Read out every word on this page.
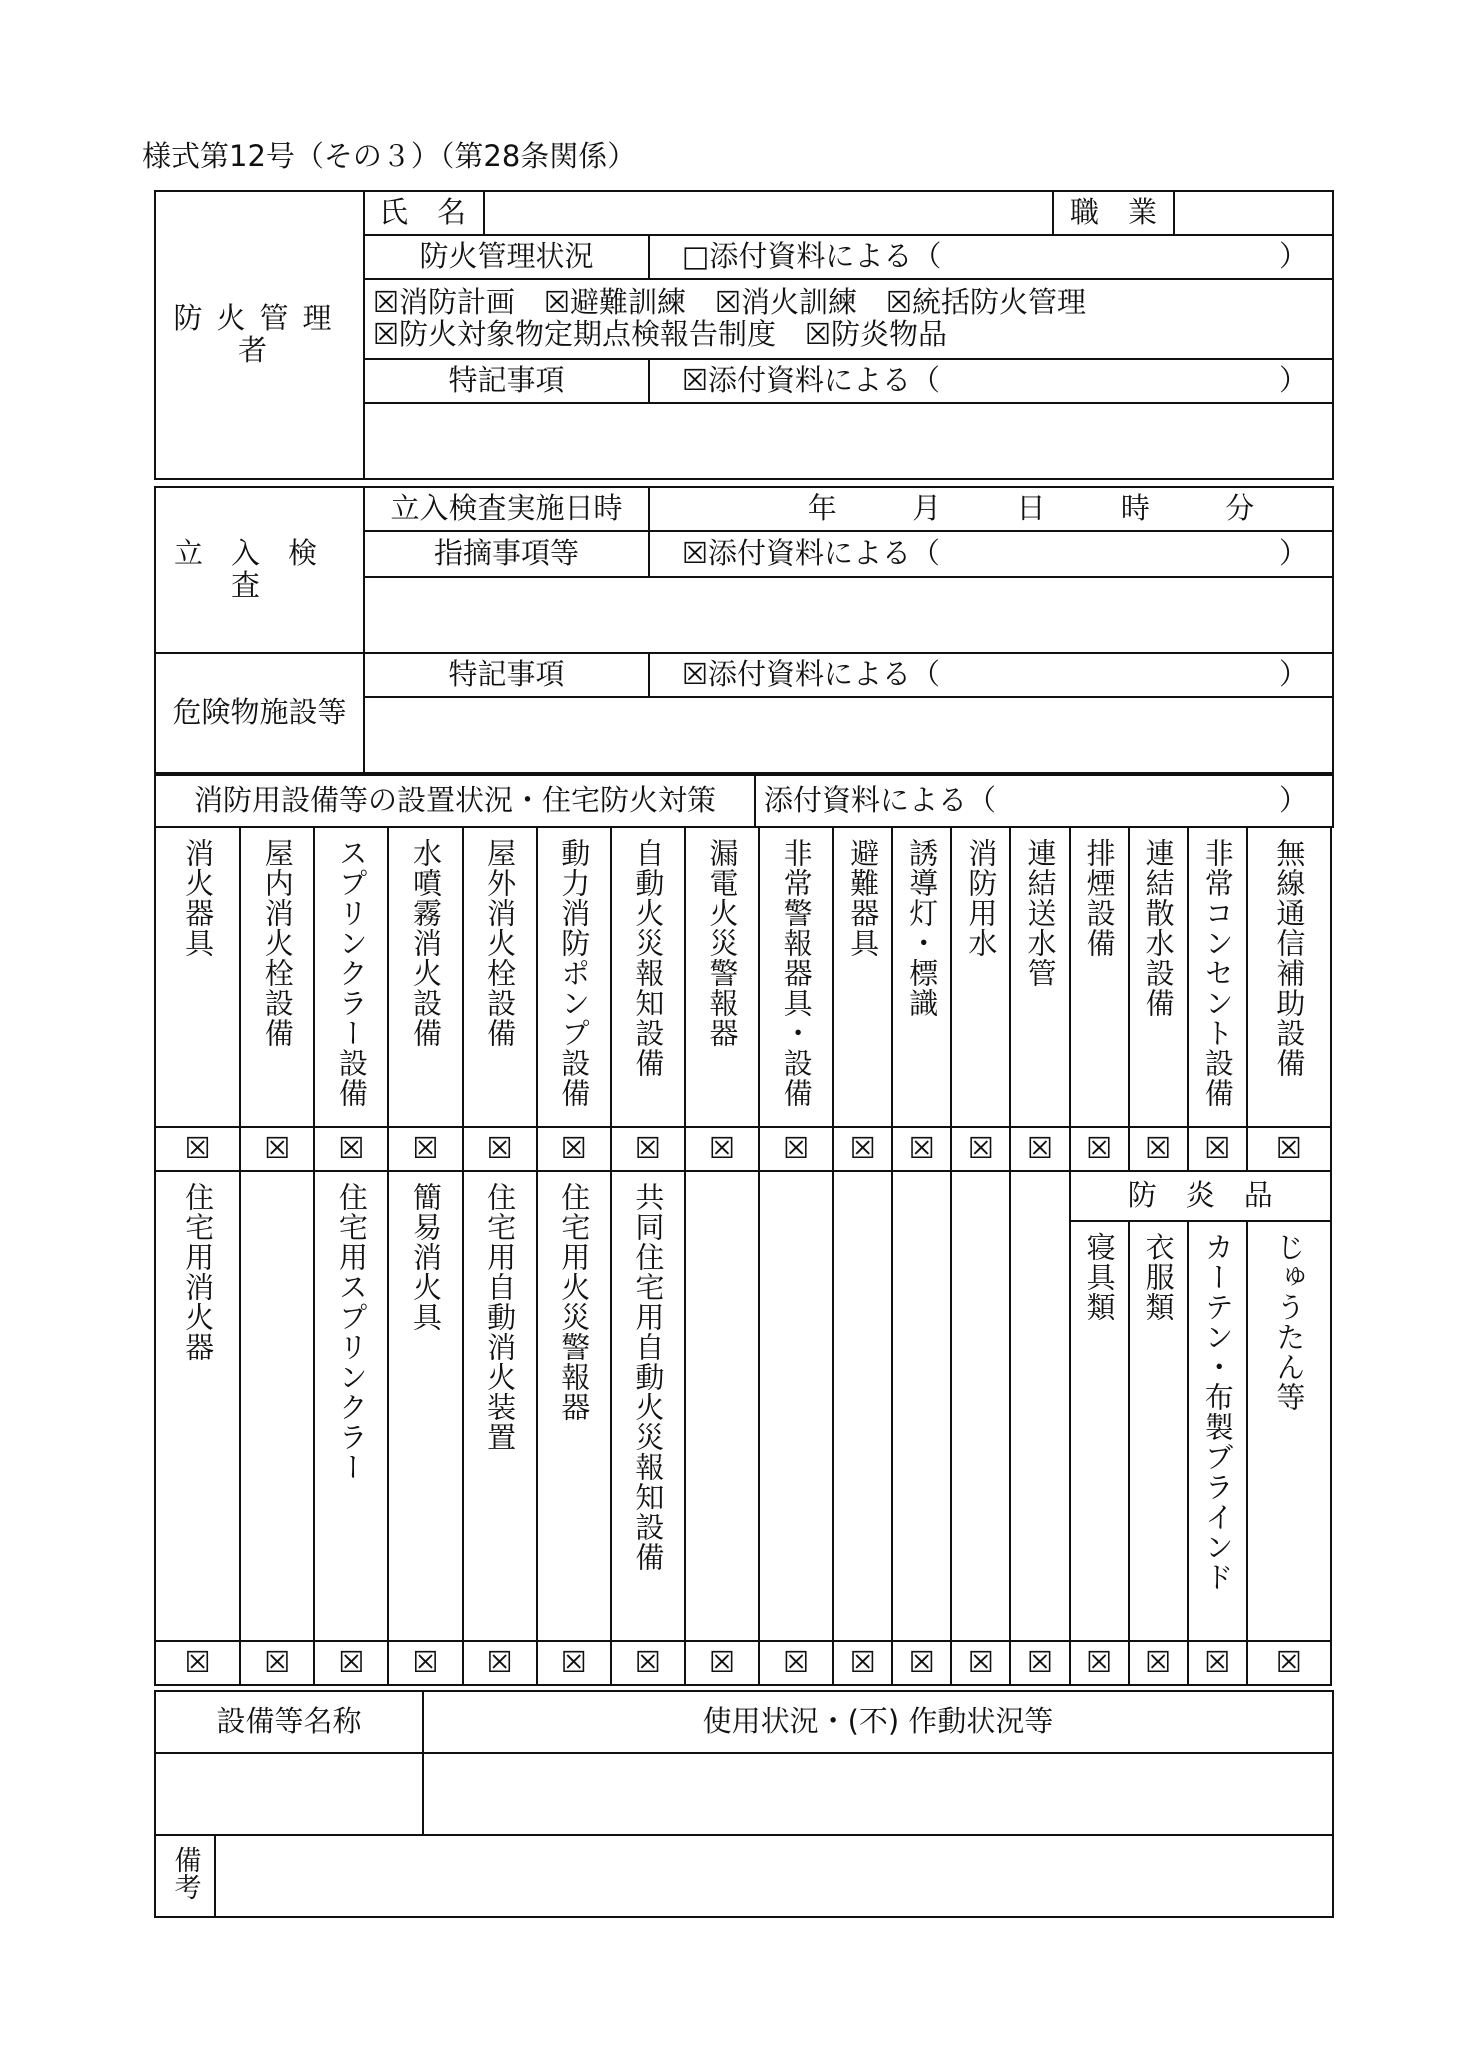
様式第12号（その３）（第28条関係）
防火管理者	氏　名			職　業	
	防火管理状況		□添付資料による（ ）		

	☒消防計画　☒避難訓練　☒消火訓練　☒統括防火管理
☒防火対象物定期点検報告制度　☒防炎物品				

	特記事項		☒添付資料による（ ）		

立入検査	立入検査実施日時	年 月 日 時 分

	指摘事項等	☒添付資料による（ ）

危険物施設等	特記事項	☒添付資料による（	）

消防用設備等の設置状況・住宅防火対策	添付資料による（	）
消火器具	屋内消火栓設備	スプリンクラー設備	水噴霧消火設備	屋外消火栓設備	動力消防ポンプ設備	自動火災報知設備	漏電火災警報器	非常警報器具・設備	避難器具	誘導灯・標識	消防用水	連結送水管	排煙設備	連結散水設備	非常コンセント設備	無線通信補助設備
☒	☒	☒	☒	☒	☒	☒	☒	☒	☒	☒	☒	☒	☒	☒	☒	☒
住宅用消火器		住宅用スプリンクラー	簡易消火具	住宅用自動消火装置	住宅用火災警報器	共同住宅用自動火災報知設備							防　炎　品			
													寝具類	衣服類	カーテン・布製ブラインド	じゅうたん等
☒	☒	☒	☒	☒	☒	☒	☒	☒	☒	☒	☒	☒	☒	☒	☒	☒
設備等名称	使用状況・(不) 作動状況等

備考	
